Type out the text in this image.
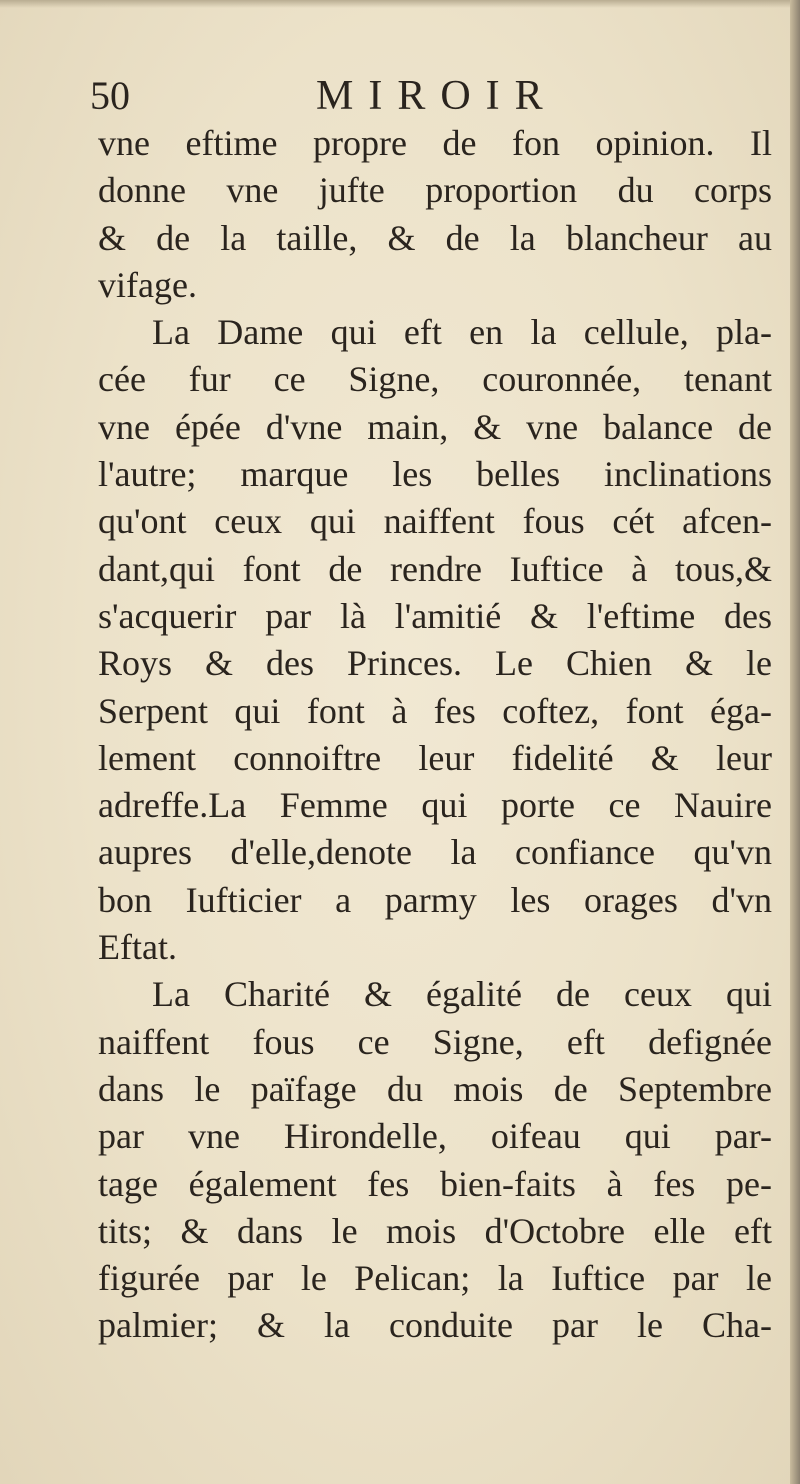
50	MIROIR
vne eftime propre de fon opinion. Il
donne vne jufte proportion du corps
& de la taille, & de la blancheur au
vifage.
La Dame qui eft en la cellule, pla-
cée fur ce Signe, couronnée, tenant
vne épée d'vne main, & vne balance de
l'autre; marque les belles inclinations
qu'ont ceux qui naiffent fous cét afcen-
dant,qui font de rendre Iuftice à tous,&
s'acquerir par là l'amitié & l'eftime des
Roys & des Princes. Le Chien & le
Serpent qui font à fes coftez, font éga-
lement connoiftre leur fidelité & leur
adreffe.La Femme qui porte ce Nauire
aupres d'elle,denote la confiance qu'vn
bon Iufticier a parmy les orages d'vn
Eftat.
La Charité & égalité de ceux qui
naiffent fous ce Signe, eft defignée
dans le païfage du mois de Septembre
par vne Hirondelle, oifeau qui par-
tage également fes bien-faits à fes pe-
tits; & dans le mois d'Octobre elle eft
figurée par le Pelican; la Iuftice par le
palmier; & la conduite par le Cha-
